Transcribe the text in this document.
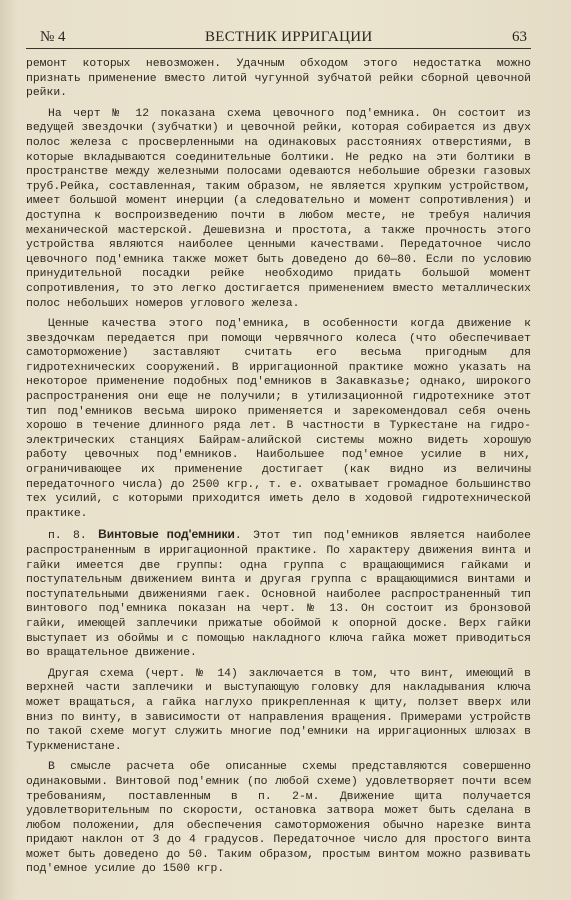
№ 4	ВЕСТНИК ИРРИГАЦИИ	63

ремонт которых невозможен. Удачным обходом этого недостатка можно признать применение вместо литой чугунной зубчатой рейки сборной цевочной рейки.

На черт № 12 показана схема цевочного под'емника. Он состоит из ведущей звездочки (зубчатки) и цевочной рейки, которая собирается из двух полос железа с просверленными на одинаковых расстояниях отверстиями, в которые вкладываются соединительные болтики. Не редко на эти болтики в пространстве между железными полосами одеваются небольшие обрезки газовых труб.Рейка, составленная, таким образом, не является хрупким устройством, имеет большой момент инерции (а следовательно и момент сопротивления) и доступна к воспроизведению почти в любом месте, не требуя наличия механической мастерской. Дешевизна и простота, а также прочность этого устройства являются наиболее ценными качествами. Передаточное число цевочного под'емника также может быть доведено до 60—80. Если по условию принудительной посадки рейке необходимо придать большой момент сопротивления, то это легко достигается применением вместо металлических полос небольших номеров углового железа.

Ценные качества этого под'емника, в особенности когда движение к звездочкам передается при помощи червячного колеса (что обеспечивает самоторможение) заставляют считать его весьма пригодным для гидротехнических сооружений. В ирригационной практике можно указать на некоторое применение подобных под'емников в Закавказье; однако, широкого распространения они еще не получили; в утилизационной гидротехнике этот тип под'емников весьма широко применяется и зарекомендовал себя очень хорошо в течение длинного ряда лет. В частности в Туркестане на гидро-электрических станциях Байрам-алийской системы можно видеть хорошую работу цевочных под'емников. Наибольшее под'емное усилие в них, ограничивающее их применение достигает (как видно из величины передаточного числа) до 2500 кгр., т. е. охватывает громадное большинство тех усилий, с которыми приходится иметь дело в ходовой гидротехнической практике.

п. 8. Винтовые под'емники. Этот тип под'емников является наиболее распространенным в ирригационной практике. По характеру движения винта и гайки имеется две группы: одна группа с вращающимися гайками и поступательным движением винта и другая группа с вращающимися винтами и поступательными движениями гаек. Основной наиболее распространенный тип винтового под'емника показан на черт. № 13. Он состоит из бронзовой гайки, имеющей заплечики прижатые обоймой к опорной доске. Верх гайки выступает из обоймы и с помощью накладного ключа гайка может приводиться во вращательное движение.

Другая схема (черт. № 14) заключается в том, что винт, имеющий в верхней части заплечики и выступающую головку для накладывания ключа может вращаться, а гайка наглухо прикрепленная к щиту, ползет вверх или вниз по винту, в зависимости от направления вращения. Примерами устройств по такой схеме могут служить многие под'емники на ирригационных шлюзах в Туркменистане.

В смысле расчета обе описанные схемы представляются совершенно одинаковыми. Винтовой под'емник (по любой схеме) удовлетворяет почти всем требованиям, поставленным в п. 2-м. Движение щита получается удовлетворительным по скорости, остановка затвора может быть сделана в любом положении, для обеспечения самоторможения обычно нарезке винта придают наклон от 3 до 4 градусов. Передаточное число для простого винта может быть доведено до 50. Таким образом, простым винтом можно развивать под'емное усилие до 1500 кгр.
